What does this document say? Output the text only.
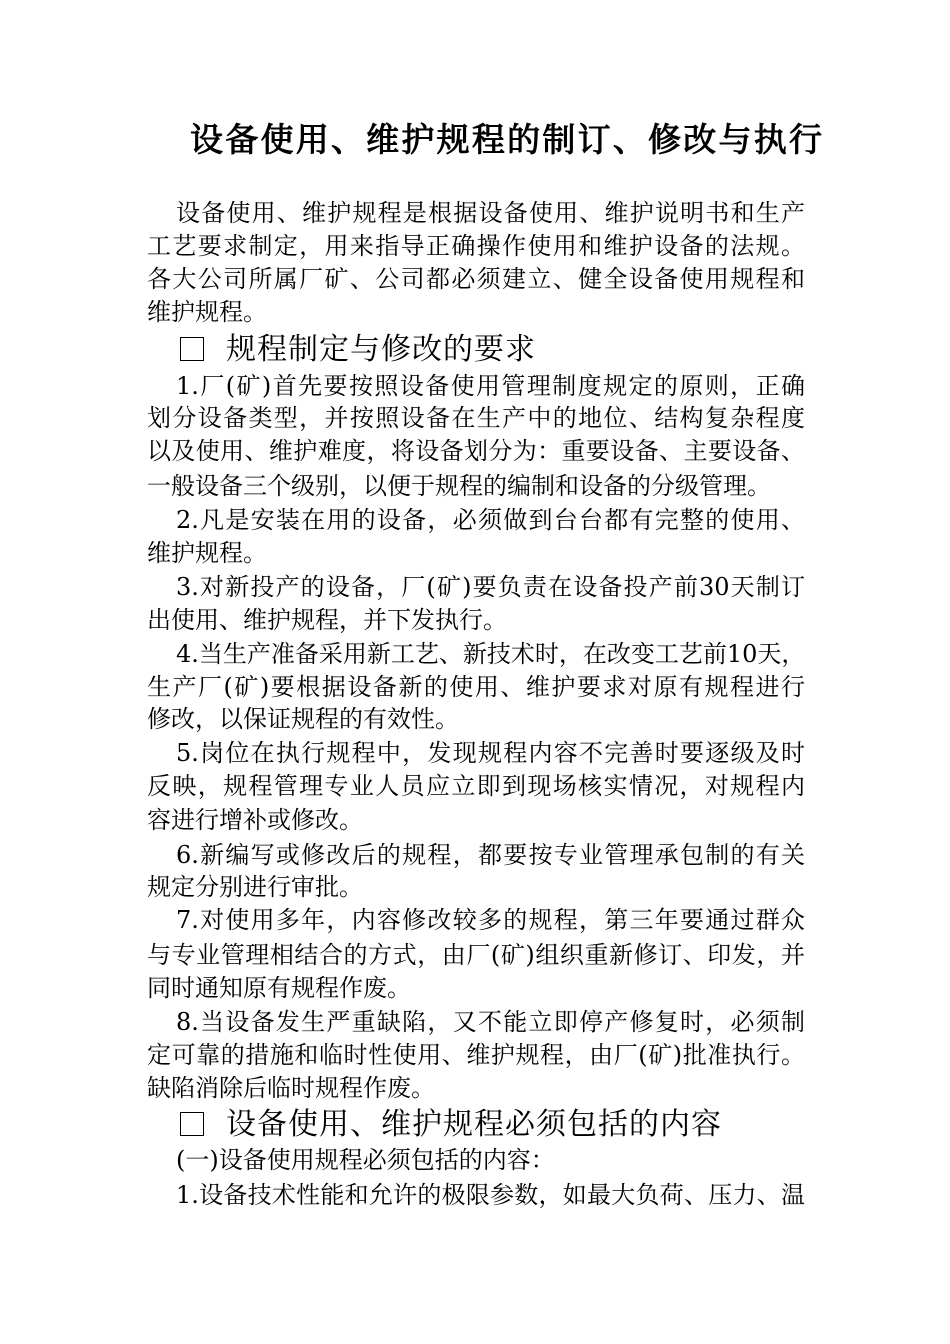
设备使用、维护规程的制订、修改与执行
设备使用、维护规程是根据设备使用、维护说明书和生产
工艺要求制定，用来指导正确操作使用和维护设备的法规。
各大公司所属厂矿、公司都必须建立、健全设备使用规程和
维护规程。
规程制定与修改的要求
1.厂(矿)首先要按照设备使用管理制度规定的原则，正确
划分设备类型，并按照设备在生产中的地位、结构复杂程度
以及使用、维护难度，将设备划分为：重要设备、主要设备、
一般设备三个级别，以便于规程的编制和设备的分级管理。
2.凡是安装在用的设备，必须做到台台都有完整的使用、
维护规程。
3.对新投产的设备，厂(矿)要负责在设备投产前30天制订
出使用、维护规程，并下发执行。
4.当生产准备采用新工艺、新技术时，在改变工艺前10天，
生产厂(矿)要根据设备新的使用、维护要求对原有规程进行
修改，以保证规程的有效性。
5.岗位在执行规程中，发现规程内容不完善时要逐级及时
反映，规程管理专业人员应立即到现场核实情况，对规程内
容进行增补或修改。
6.新编写或修改后的规程，都要按专业管理承包制的有关
规定分别进行审批。
7.对使用多年，内容修改较多的规程，第三年要通过群众
与专业管理相结合的方式，由厂(矿)组织重新修订、印发，并
同时通知原有规程作废。
8.当设备发生严重缺陷，又不能立即停产修复时，必须制
定可靠的措施和临时性使用、维护规程，由厂(矿)批准执行。
缺陷消除后临时规程作废。
设备使用、维护规程必须包括的内容
(一)设备使用规程必须包括的内容：
1.设备技术性能和允许的极限参数，如最大负荷、压力、温
